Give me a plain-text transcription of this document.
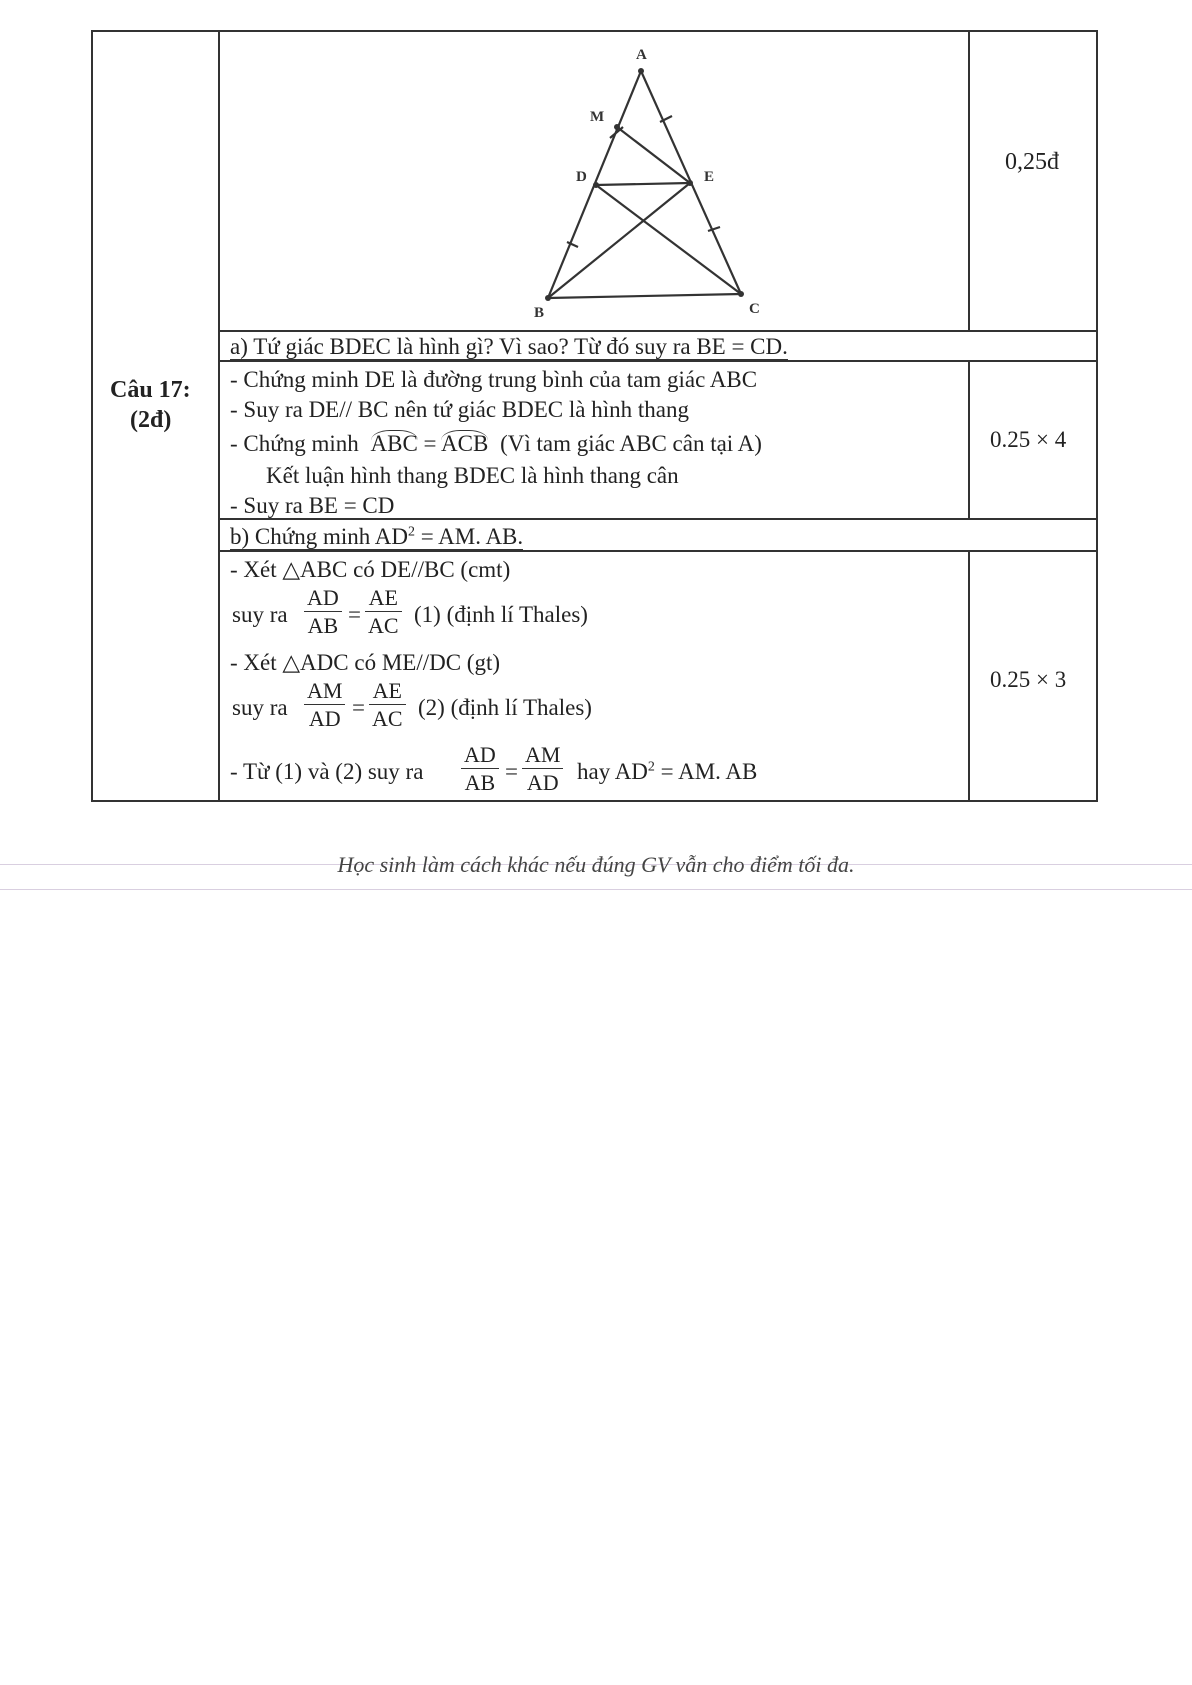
Câu 17:
(2đ)
A
M
D	E
B	C
0,25đ
a) Tứ giác BDEC là hình gì? Vì sao? Từ đó suy ra BE = CD.
- Chứng minh DE là đường trung bình của tam giác ABC
- Suy ra DE// BC nên tứ giác BDEC là hình thang
- Chứng minh ABC = ACB (Vì tam giác ABC cân tại A)
Kết luận hình thang BDEC là hình thang cân
- Suy ra BE = CD
0.25 × 4
b) Chứng minh $AD^2$ = AM. AB.
- Xét △ABC có DE//BC (cmt)
suy ra $\frac{AD}{AB} = \frac{AE}{AC} (1)$ (định lí Thales)
- Xét △ADC có ME//DC (gt)
suy ra $\frac{AM}{AD} = \frac{AE}{AC} (2)$ (định lí Thales)
- Từ (1) và (2) suy ra $\frac{AD}{AB} = \frac{AM}{AD}$ hay $AD^2$ = AM. AB
0.25 × 3
Học sinh làm cách khác nếu đúng GV vẫn cho điểm tối đa.
